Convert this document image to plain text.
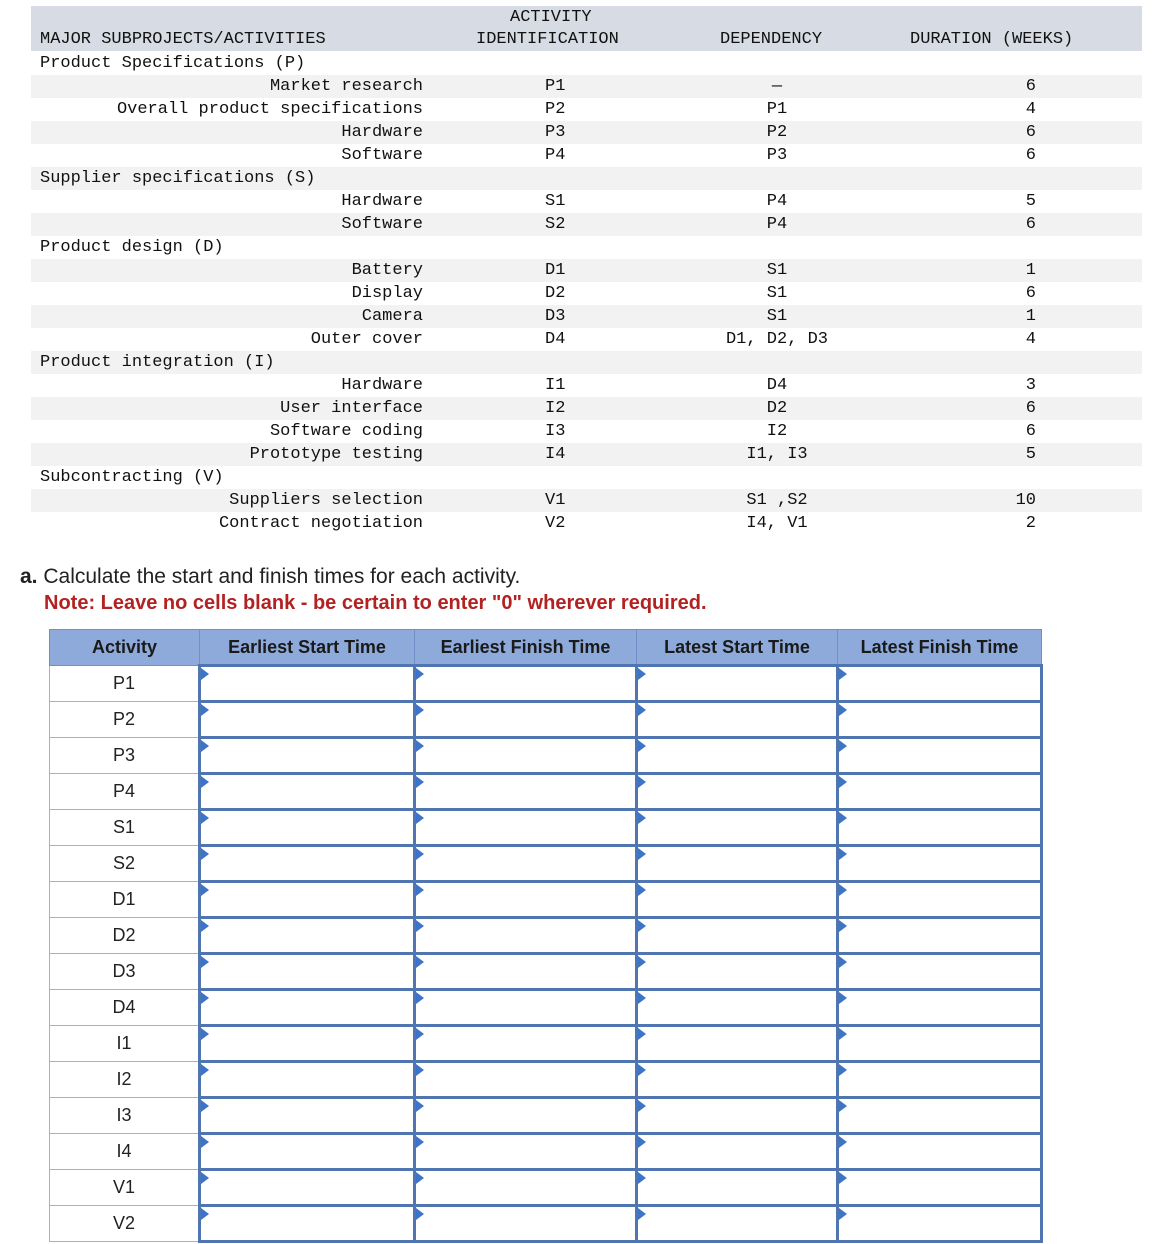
MAJOR SUBPROJECTS/ACTIVITIES
ACTIVITY
IDENTIFICATION	DEPENDENCY	DURATION (WEEKS)
Product Specifications (P)
Market research	P1	—	6
Overall product specifications	P2	P1	4
Hardware	P3	P2	6
Software	P4	P3	6
Supplier specifications (S)
Hardware	S1	P4	5
Software	S2	P4	6
Product design (D)
Battery	D1	S1	1
Display	D2	S1	6
Camera	D3	S1	1
Outer cover	D4	D1, D2, D3	4
Product integration (I)
Hardware	I1	D4	3
User interface	I2	D2	6
Software coding	I3	I2	6
Prototype testing	I4	I1, I3	5
Subcontracting (V)
Suppliers selection	V1	S1 ,S2	10
Contract negotiation	V2	I4, V1	2
a. Calculate the start and finish times for each activity.
Note: Leave no cells blank - be certain to enter "0" wherever required.
Activity	Earliest Start Time	Earliest Finish Time	Latest Start Time	Latest Finish Time
P1				
P2				
P3				
P4				
S1				
S2				
D1				
D2				
D3				
D4				
I1				
I2				
I3				
I4				
V1				
V2				
